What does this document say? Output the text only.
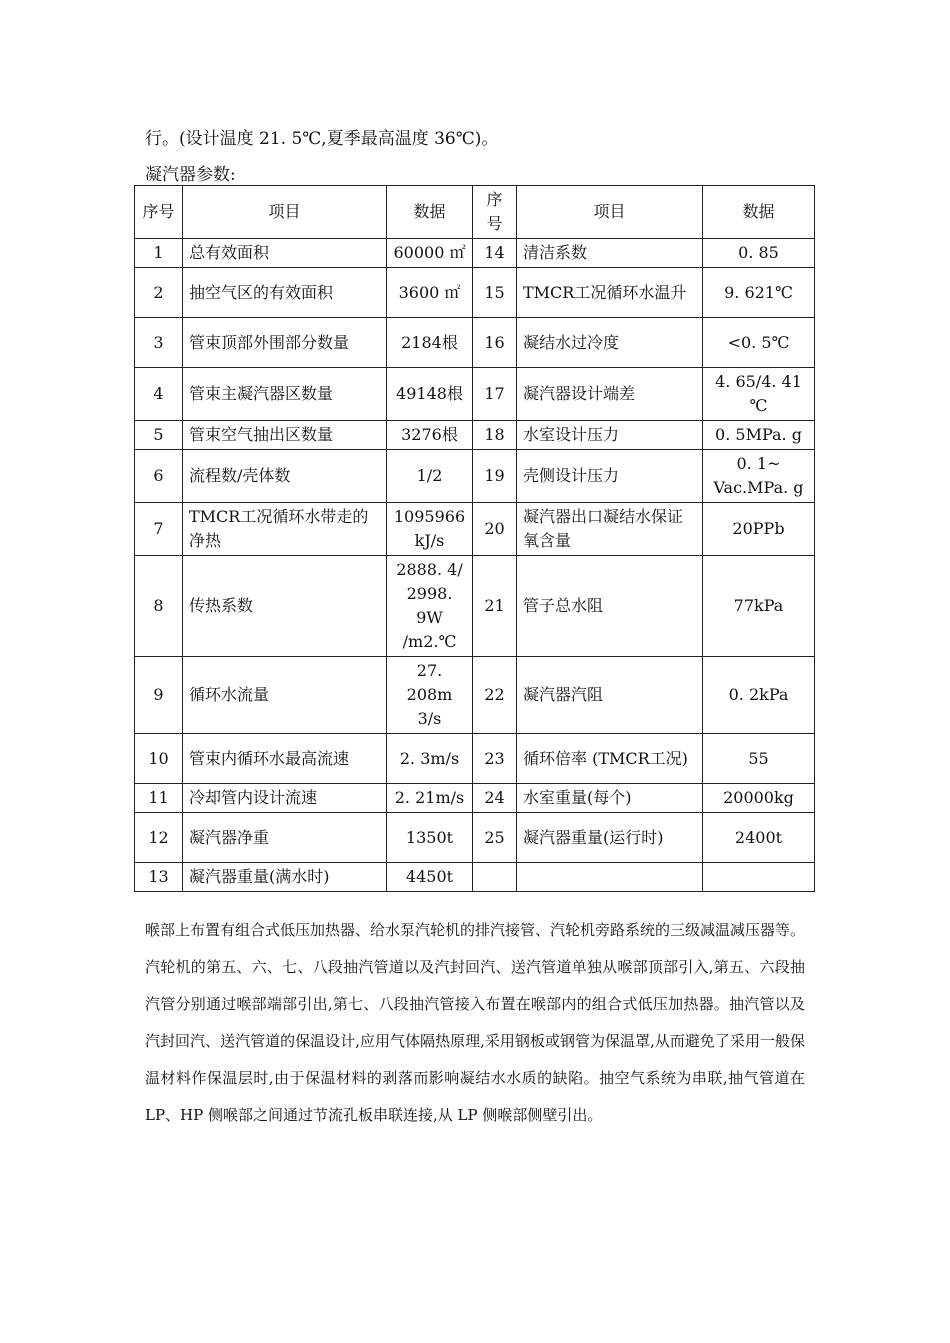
行。(设计温度 21. 5℃,夏季最高温度 36℃)。
凝汽器参数:
序号	项目	数据	序号	项目	数据
1	总有效面积	60000 ㎡	14	清洁系数	0. 85
2	抽空气区的有效面积	3600 ㎡	15	TMCR工况循环水温升	9. 621℃
3	管束顶部外围部分数量	2184根	16	凝结水过冷度	<0. 5℃
4	管束主凝汽器区数量	49148根	17	凝汽器设计端差	4. 65/4. 41 ℃
5	管束空气抽出区数量	3276根	18	水室设计压力	0. 5MPa. g
6	流程数/壳体数	1/2	19	壳侧设计压力	0. 1~ Vac.MPa. g
7	TMCR工况循环水带走的净热	1095966 kJ/s	20	凝汽器出口凝结水保证氧含量	20PPb
8	传热系数	2888. 4/ 2998. 9W /m2.℃	21	管子总水阻	77kPa
9	循环水流量	27. 208m 3/s	22	凝汽器汽阻	0. 2kPa
10	管束内循环水最高流速	2. 3m/s	23	循环倍率 (TMCR工况)	55
11	冷却管内设计流速	2. 21m/s	24	水室重量(每个)	20000kg
12	凝汽器净重	1350t	25	凝汽器重量(运行时)	2400t
13	凝汽器重量(满水时)	4450t			
喉部上布置有组合式低压加热器、给水泵汽轮机的排汽接管、汽轮机旁路系统的三级减温减压器等。汽轮机的第五、六、七、八段抽汽管道以及汽封回汽、送汽管道单独从喉部顶部引入,第五、六段抽汽管分别通过喉部端部引出,第七、八段抽汽管接入布置在喉部内的组合式低压加热器。抽汽管以及汽封回汽、送汽管道的保温设计,应用气体隔热原理,采用钢板或钢管为保温罩,从而避免了采用一般保温材料作保温层时,由于保温材料的剥落而影响凝结水水质的缺陷。抽空气系统为串联,抽气管道在 LP、HP 侧喉部之间通过节流孔板串联连接,从 LP 侧喉部侧壁引出。
